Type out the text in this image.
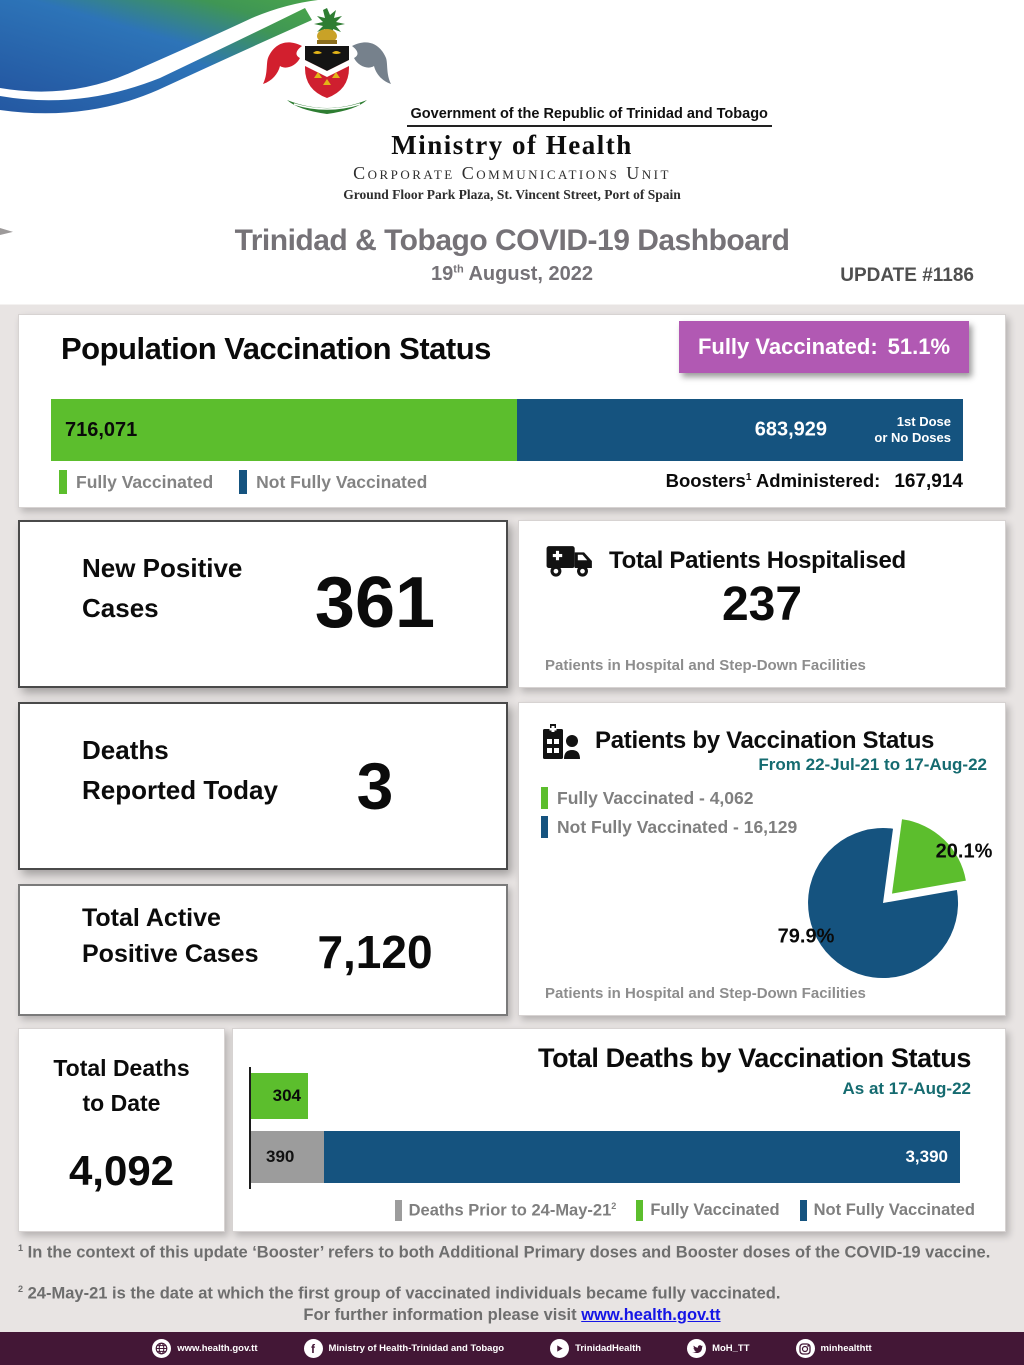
Government of the Republic of Trinidad and Tobago
Ministry of Health
Corporate Communications Unit
Ground Floor Park Plaza, St. Vincent Street, Port of Spain
Trinidad & Tobago COVID-19 Dashboard
19th August, 2022	UPDATE #1186
Population Vaccination Status	Fully Vaccinated: 51.1%
716,071	683,929	1st Dose
or No Doses
Fully Vaccinated Not Fully Vaccinated	Boosters$^1$ Administered: 167,914
New Positive Cases	361
Total Patients Hospitalised
237
Patients in Hospital and Step-Down Facilities
Deaths Reported Today	3
Patients by Vaccination Status
From 22-Jul-21 to 17-Aug-22
Fully Vaccinated - 4,062
Not Fully Vaccinated - 16,129
20.1%
79.9%
Patients in Hospital and Step-Down Facilities
Total Active Positive Cases	7,120
Total Deaths
to Date
4,092
Total Deaths by Vaccination Status
As at 17-Aug-22
304
390	3,390
Deaths Prior to $24-May-21^2$ Fully Vaccinated Not Fully Vaccinated
$^1$ In the context of this update ‘Booster’ refers to both Additional Primary doses and Booster doses of the COVID-19 vaccine.
$^2$ 24-May-21 is the date at which the first group of vaccinated individuals became fully vaccinated.
For further information please visit www.health.gov.tt
www.health.gov.tt	f	Ministry of Health-Trinidad and Tobago	TrinidadHealth	MoH_TT	minhealthtt
